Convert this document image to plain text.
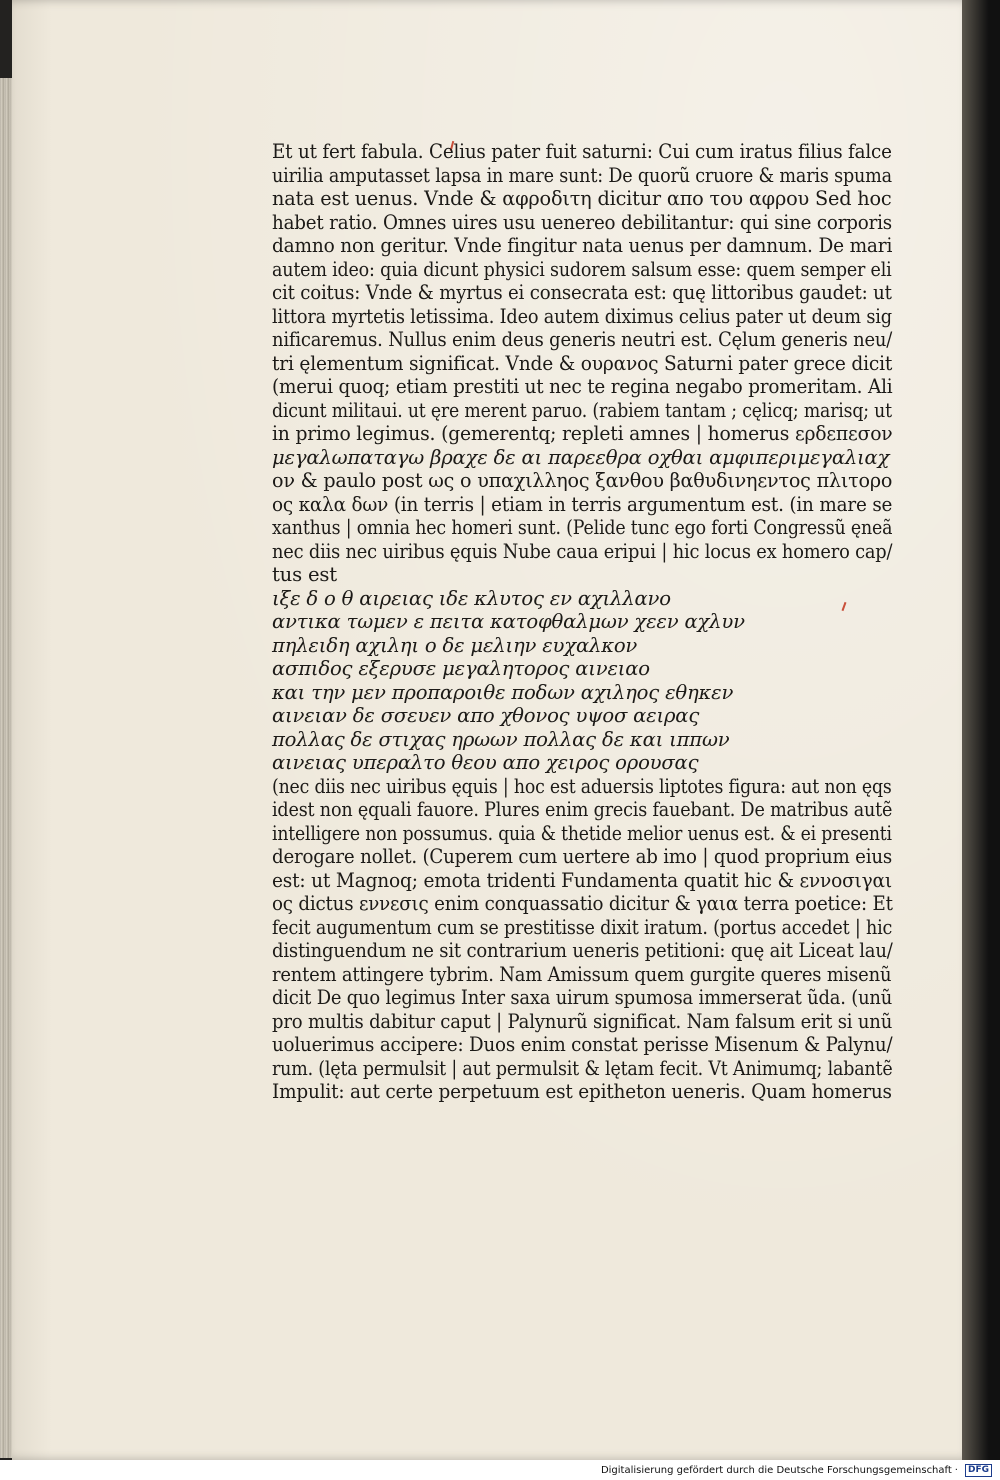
Et ut fert fabula. Celius pater fuit saturni: Cui cum iratus filius falce
uirilia amputasset lapsa in mare sunt: De quorũ cruore & maris spuma
nata est uenus. Vnde & αφροδιτη dicitur απο του αφρου Sed hoc
habet ratio. Omnes uires usu uenereo debilitantur: qui sine corporis
damno non geritur. Vnde fingitur nata uenus per damnum. De mari
autem ideo: quia dicunt physici sudorem salsum esse: quem semper eli
cit coitus: Vnde & myrtus ei consecrata est: quę littoribus gaudet: ut
littora myrtetis letissima. Ideo autem diximus celius pater ut deum sig
nificaremus. Nullus enim deus generis neutri est. Cęlum generis neu/
tri ęlementum significat. Vnde & ουρανος Saturni pater grece dicit
(merui quoq; etiam prestiti ut nec te regina negabo promeritam. Ali
dicunt militaui. ut ęre merent paruo. (rabiem tantam ; cęlicq; marisq; ut
in primo legimus. (gemerentq; repleti amnes | homerus ερδεπεσον
μεγαλωπαταγω βραχε δε αι παρεεθρα οχθαι αμφιπεριμεγαλιαχ
ον & paulo post ως ο υπαχιλληος ξανθου βαθυδινηεντος πλιτορο
ος καλα δων (in terris | etiam in terris argumentum est. (in mare se
xanthus | omnia hec homeri sunt. (Pelide tunc ego forti Congressũ ęneã
nec diis nec uiribus ęquis Nube caua eripui | hic locus ex homero cap/
tus est
ιξε δ ο θ αιρειας ιδε κλυτος εν αχιλλανο
αντικα τωμεν ε πειτα κατοφθαλμων χεεν αχλυν
πηλειδη αχιληι ο δε μελιην ευχαλκον
ασπιδος εξερυσε μεγαλητορος αινειαο
και την μεν προπαροιθε ποδων αχιληος εθηκεν
αινειαν δε σσευεν απο χθονος υψοσ αειρας
πολλας δε στιχας ηρωων πολλας δε και ιππων
αινειας υπεραλτο θεου απο χειρος ορουσας
(nec diis nec uiribus ęquis | hoc est aduersis liptotes figura: aut non ęqs
idest non ęquali fauore. Plures enim grecis fauebant. De matribus autẽ
intelligere non possumus. quia & thetide melior uenus est. & ei presenti
derogare nollet. (Cuperem cum uertere ab imo | quod proprium eius
est: ut Magnoq; emota tridenti Fundamenta quatit hic & εννοσιγαι
ος dictus εννεσις enim conquassatio dicitur & γαια terra poetice: Et
fecit augumentum cum se prestitisse dixit iratum. (portus accedet | hic
distinguendum ne sit contrarium ueneris petitioni: quę ait Liceat lau/
rentem attingere tybrim. Nam Amissum quem gurgite queres misenũ
dicit De quo legimus Inter saxa uirum spumosa immerserat ũda. (unũ
pro multis dabitur caput | Palynurũ significat. Nam falsum erit si unũ
uoluerimus accipere: Duos enim constat perisse Misenum & Palynu/
rum. (lęta permulsit | aut permulsit & lętam fecit. Vt Animumq; labantẽ
Impulit: aut certe perpetuum est epitheton ueneris. Quam homerus
Digitalisierung gefördert durch die Deutsche Forschungsgemeinschaft ·	DFG
